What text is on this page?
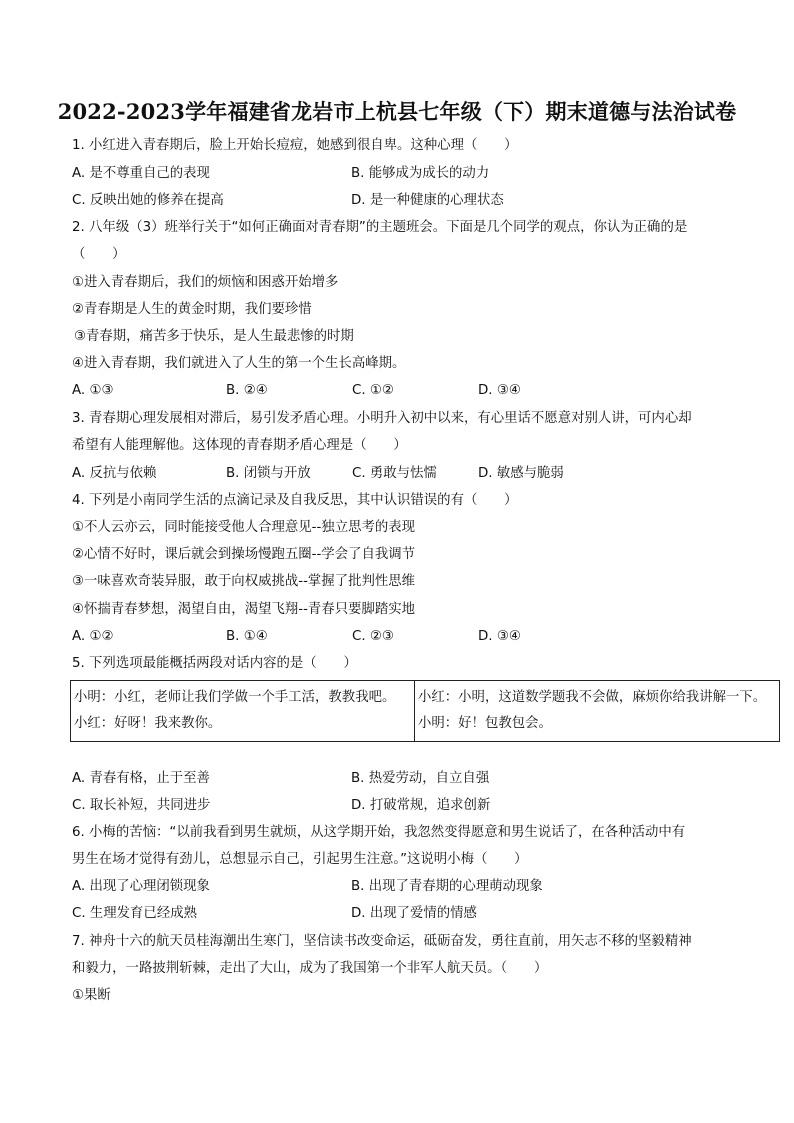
2022-2023学年福建省龙岩市上杭县七年级（下）期末道德与法治试卷
1. 小红进入青春期后，脸上开始长痘痘，她感到很自卑。这种心理（　　）
A. 是不尊重自己的表现	B. 能够成为成长的动力
C. 反映出她的修养在提高	D. 是一种健康的心理状态
2. 八年级（3）班举行关于“如何正确面对青春期”的主题班会。下面是几个同学的观点，你认为正确的是
（　　）
①进入青春期后，我们的烦恼和困惑开始增多
②青春期是人生的黄金时期，我们要珍惜
③青春期，痛苦多于快乐，是人生最悲惨的时期
④进入青春期，我们就进入了人生的第一个生长高峰期。
A. ①③	B. ②④	C. ①②	D. ③④
3. 青春期心理发展相对滞后，易引发矛盾心理。小明升入初中以来，有心里话不愿意对别人讲，可内心却
希望有人能理解他。这体现的青春期矛盾心理是（　　）
A. 反抗与依赖	B. 闭锁与开放	C. 勇敢与怯懦	D. 敏感与脆弱
4. 下列是小南同学生活的点滴记录及自我反思，其中认识错误的有（　　）
①不人云亦云，同时能接受他人合理意见--独立思考的表现
②心情不好时，课后就会到操场慢跑五圈--学会了自我调节
③一味喜欢奇装异服，敢于向权威挑战--掌握了批判性思维
④怀揣青春梦想，渴望自由，渴望飞翔--青春只要脚踏实地
A. ①②	B. ①④	C. ②③	D. ③④
5. 下列选项最能概括两段对话内容的是（　　）
小明：小红，老师让我们学做一个手工活，教教我吧。
小红：好呀！我来教你。

小红：小明，这道数学题我不会做，麻烦你给我讲解一下。
小明：好！包教包会。
A. 青春有格，止于至善	B. 热爱劳动，自立自强
C. 取长补短，共同进步	D. 打破常规，追求创新
6. 小梅的苦恼：“以前我看到男生就烦，从这学期开始，我忽然变得愿意和男生说话了，在各种活动中有
男生在场才觉得有劲儿，总想显示自己，引起男生注意。”这说明小梅（　　）
A. 出现了心理闭锁现象	B. 出现了青春期的心理萌动现象
C. 生理发育已经成熟	D. 出现了爱情的情感
7. 神舟十六的航天员桂海潮出生寒门，坚信读书改变命运，砥砺奋发，勇往直前，用矢志不移的坚毅精神
和毅力，一路披荆斩棘，走出了大山，成为了我国第一个非军人航天员。（　　）
①果断
